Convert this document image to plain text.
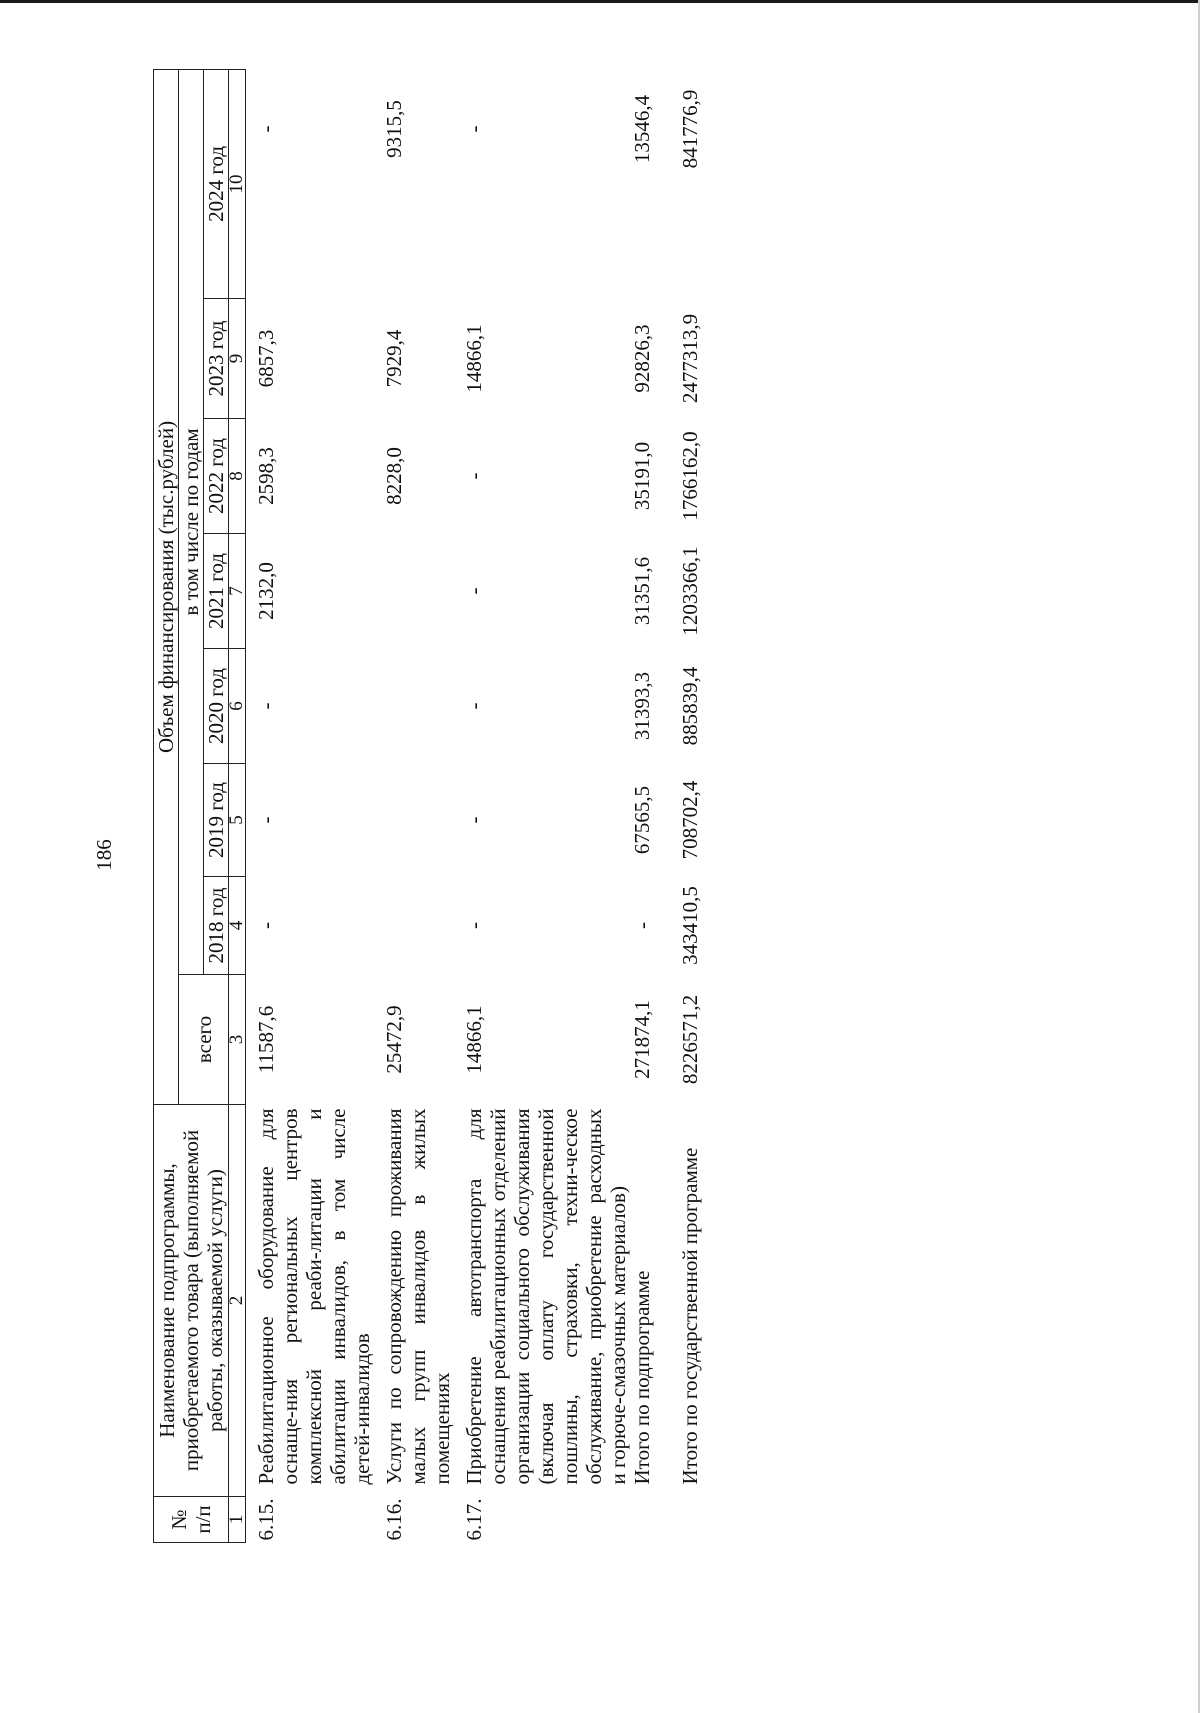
186
№ п/п	Наименование подпрограммы, приобретаемого товара (выполняемой работы, оказываемой услуги)	Объем финансирования (тыс.рублей)							
		всего	в том числе по годам						
			2018 год	2019 год	2020 год	2021 год	2022 год	2023 год	2024 год
1	2	3	4	5	6	7	8	9	10
6.15.	Реабилитационное оборудование для оснаще-ния региональных центров комплексной реаби-литации и абилитации инвалидов, в том числе детей-инвалидов	11587,6	-	-	-	2132,0	2598,3	6857,3	-
6.16.	Услуги по сопровождению проживания малых групп инвалидов в жилых помещениях	25472,9					8228,0	7929,4	9315,5
6.17.	Приобретение автотранспорта для оснащения реабилитационных отделений организации социального обслуживания (включая оплату государственной пошлины, страховки, техни-ческое обслуживание, приобретение расходных и горюче-смазочных материалов)	14866,1	-	-	-	-	-	14866,1	-
	Итого по подпрограмме	271874,1	-	67565,5	31393,3	31351,6	35191,0	92826,3	13546,4
	Итого по государственной программе	8226571,2	343410,5	708702,4	885839,4	1203366,1	1766162,0	2477313,9	841776,9
